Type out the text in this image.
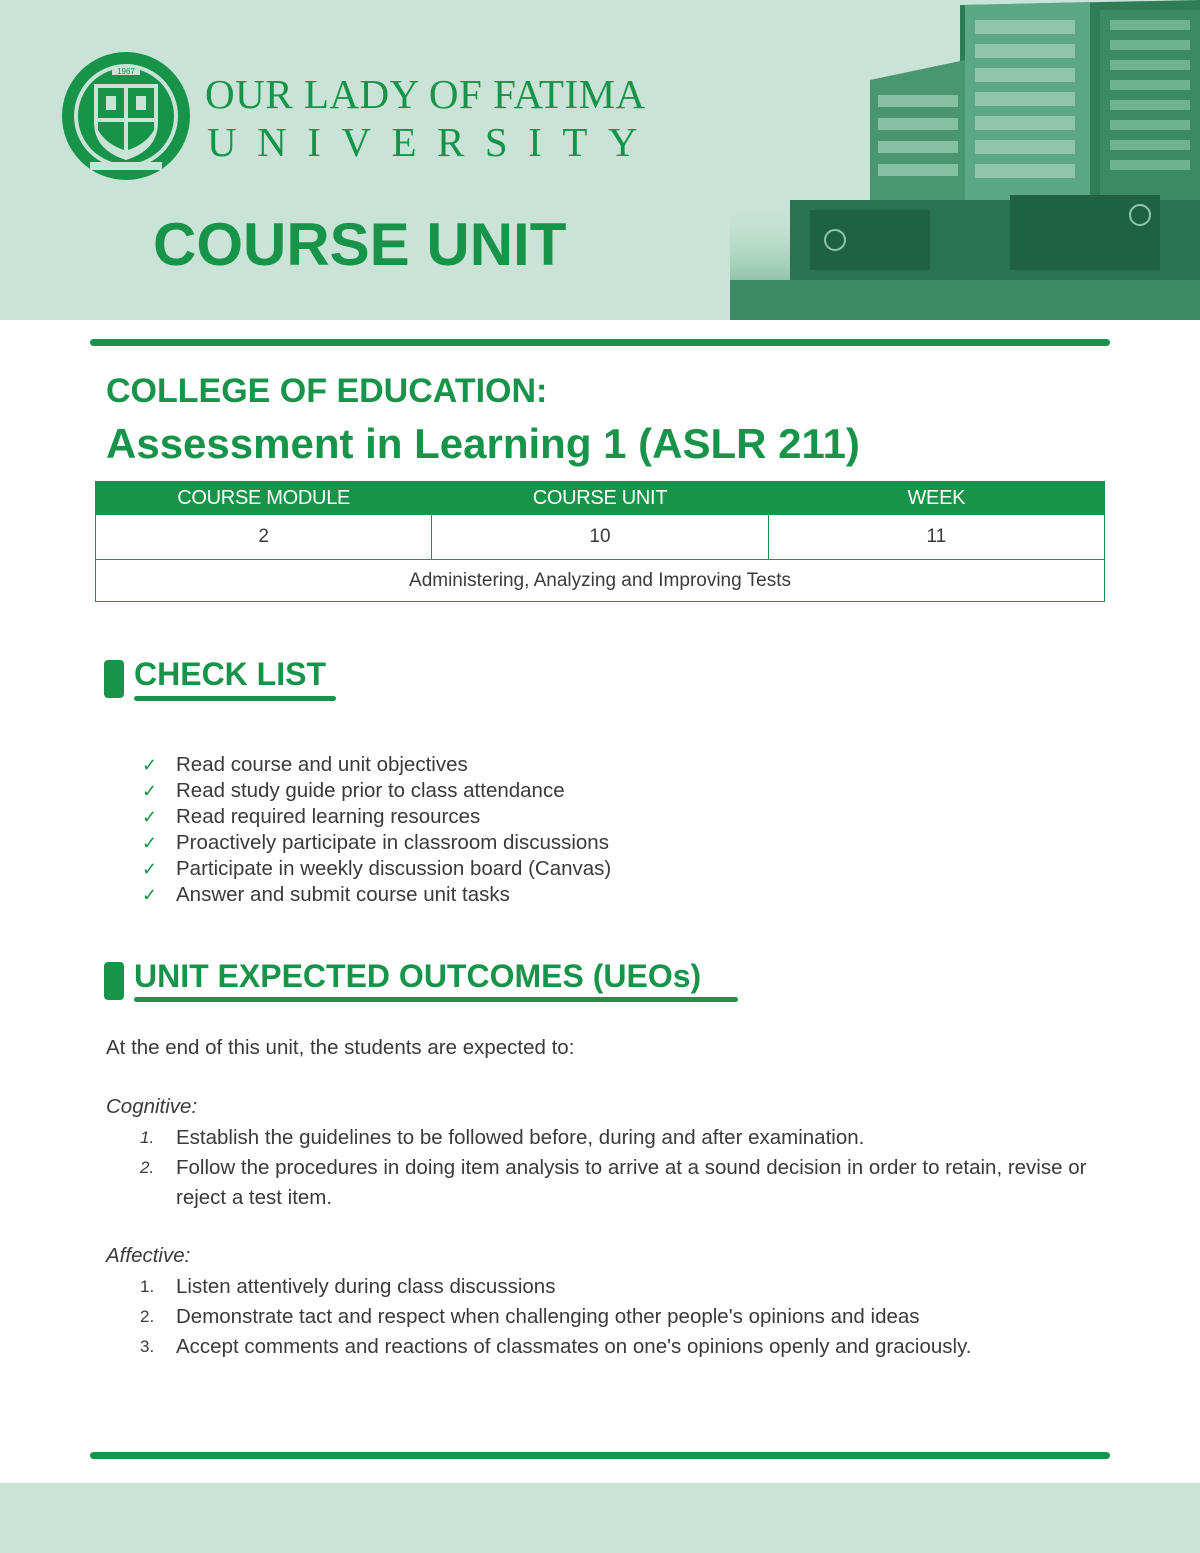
1967 OUR LADY OF FATIMA
UNIVERSITY
COURSE UNIT
COLLEGE OF EDUCATION:
Assessment in Learning 1 (ASLR 211)
COURSE MODULE	COURSE UNIT	WEEK
2	10	11
Administering, Analyzing and Improving Tests		
CHECK LIST
✓ Read course and unit objectives
✓ Read study guide prior to class attendance
✓ Read required learning resources
✓ Proactively participate in classroom discussions
✓ Participate in weekly discussion board (Canvas)
✓ Answer and submit course unit tasks
UNIT EXPECTED OUTCOMES (UEOs)
At the end of this unit, the students are expected to:
Cognitive:
1. Establish the guidelines to be followed before, during and after examination.
2. Follow the procedures in doing item analysis to arrive at a sound decision in order to retain, revise or reject a test item.
Affective:
1. Listen attentively during class discussions
2. Demonstrate tact and respect when challenging other people's opinions and ideas
3. Accept comments and reactions of classmates on one's opinions openly and graciously.
